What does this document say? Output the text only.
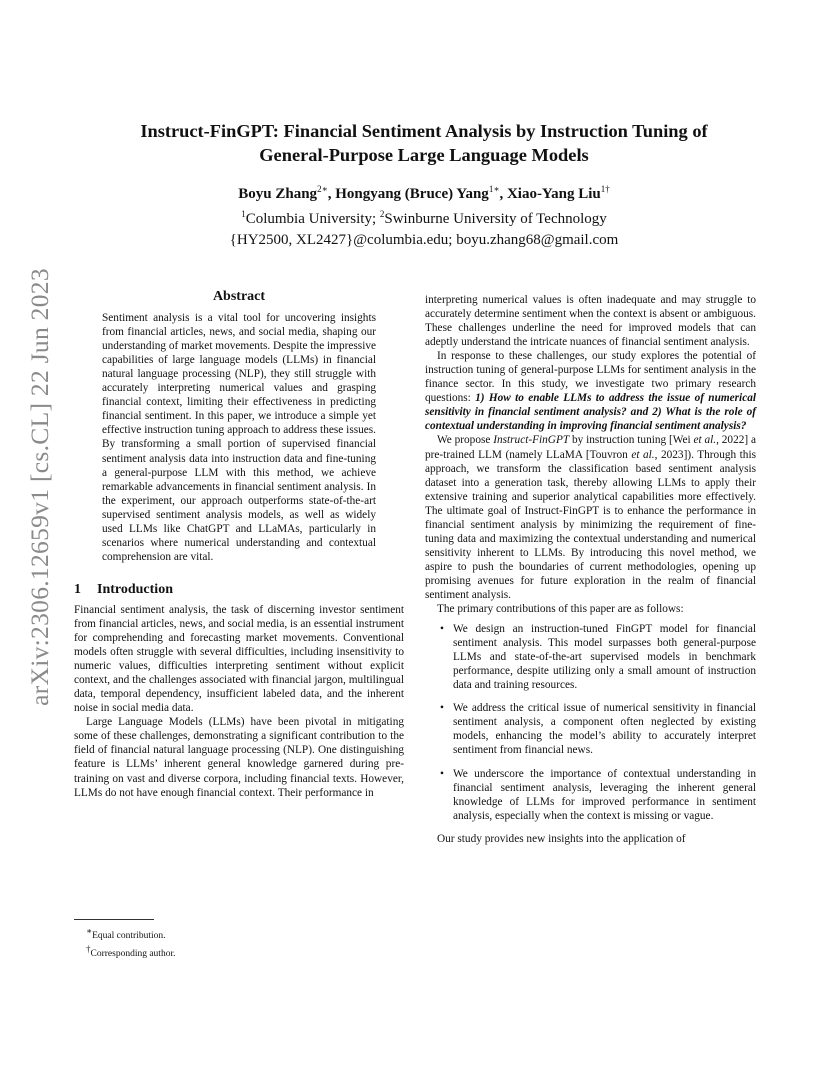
arXiv:2306.12659v1 [cs.CL] 22 Jun 2023
Instruct-FinGPT: Financial Sentiment Analysis by Instruction Tuning of
General-Purpose Large Language Models
Boyu Zhang$^{2∗}$, Hongyang (Bruce) Yang$^{1∗}$, Xiao-Yang Liu$^{1\dagger}$
$^1$Columbia University; $^2$Swinburne University of Technology
{HY2500, XL2427}@columbia.edu; boyu.zhang68@gmail.com
Abstract

Sentiment analysis is a vital tool for uncovering insights from financial articles, news, and social media, shaping our understanding of market movements. Despite the impressive capabilities of large language models (LLMs) in financial natural language processing (NLP), they still struggle with accurately interpreting numerical values and grasping financial context, limiting their effectiveness in predicting financial sentiment. In this paper, we introduce a simple yet effective instruction tuning approach to address these issues. By transforming a small portion of supervised financial sentiment analysis data into instruction data and fine-tuning a general-purpose LLM with this method, we achieve remarkable advancements in financial sentiment analysis. In the experiment, our approach outperforms state-of-the-art supervised sentiment analysis models, as well as widely used LLMs like ChatGPT and LLaMAs, particularly in scenarios where numerical understanding and contextual comprehension are vital.

1 Introduction

Financial sentiment analysis, the task of discerning investor sentiment from financial articles, news, and social media, is an essential instrument for comprehending and forecasting market movements. Conventional models often struggle with several difficulties, including insensitivity to numeric values, difficulties interpreting sentiment without explicit context, and the challenges associated with financial jargon, multilingual data, temporal dependency, insufficient labeled data, and the inherent noise in social media data.

Large Language Models (LLMs) have been pivotal in mitigating some of these challenges, demonstrating a significant contribution to the field of financial natural language processing (NLP). One distinguishing feature is LLMs’ inherent general knowledge garnered during pre-training on vast and diverse corpora, including financial texts. However, LLMs do not have enough financial context. Their performance in

∗Equal contribution.
†Corresponding author.

interpreting numerical values is often inadequate and may struggle to accurately determine sentiment when the context is absent or ambiguous. These challenges underline the need for improved models that can adeptly understand the intricate nuances of financial sentiment analysis.

In response to these challenges, our study explores the potential of instruction tuning of general-purpose LLMs for sentiment analysis in the finance sector. In this study, we investigate two primary research questions: 1) How to enable LLMs to address the issue of numerical sensitivity in financial sentiment analysis? and 2) What is the role of contextual understanding in improving financial sentiment analysis?

We propose Instruct-FinGPT by instruction tuning [Wei et al., 2022] a pre-trained LLM (namely LLaMA [Touvron et al., 2023]). Through this approach, we transform the classification based sentiment analysis dataset into a generation task, thereby allowing LLMs to apply their extensive training and superior analytical capabilities more effectively. The ultimate goal of Instruct-FinGPT is to enhance the performance in financial sentiment analysis by minimizing the requirement of fine-tuning data and maximizing the contextual understanding and numerical sensitivity inherent to LLMs. By introducing this novel method, we aspire to push the boundaries of current methodologies, opening up promising avenues for future exploration in the realm of financial sentiment analysis.

The primary contributions of this paper are as follows:

• We design an instruction-tuned FinGPT model for financial sentiment analysis. This model surpasses both general-purpose LLMs and state-of-the-art supervised models in benchmark performance, despite utilizing only a small amount of instruction data and training resources.
• We address the critical issue of numerical sensitivity in financial sentiment analysis, a component often neglected by existing models, enhancing the model’s ability to accurately interpret sentiment from financial news.
• We underscore the importance of contextual understanding in financial sentiment analysis, leveraging the inherent general knowledge of LLMs for improved performance in sentiment analysis, especially when the context is missing or vague.

Our study provides new insights into the application of
